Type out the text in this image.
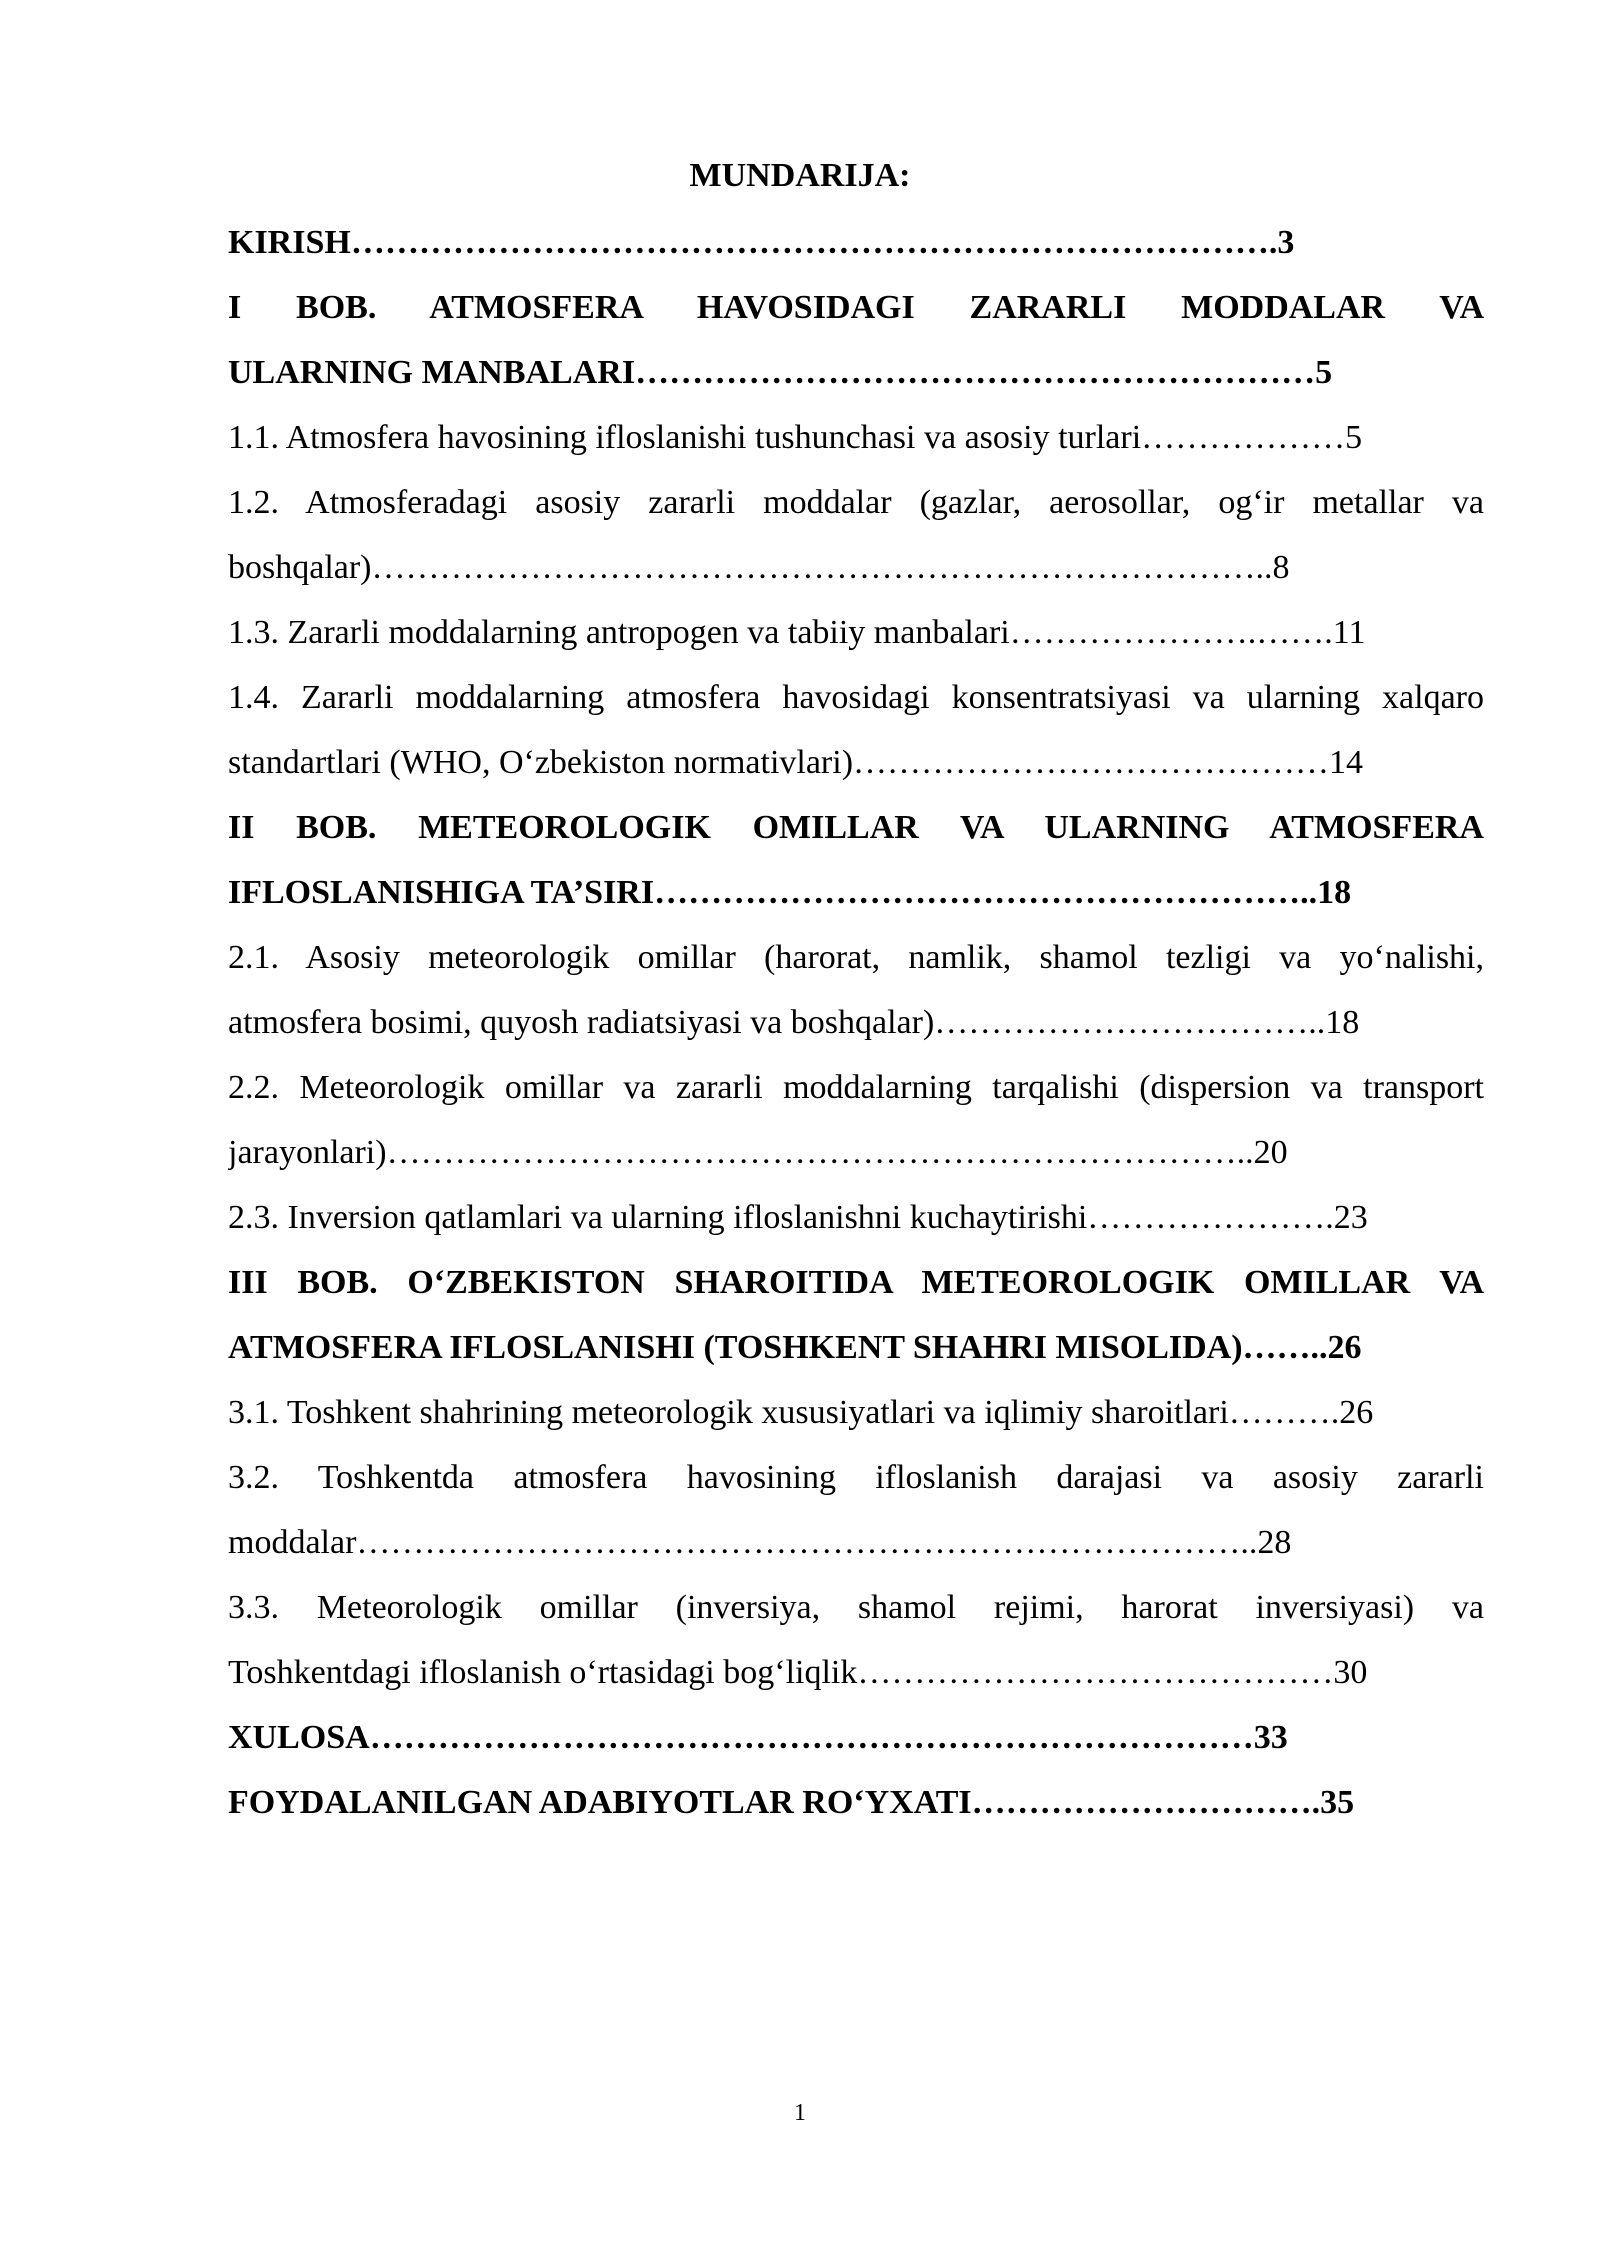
MUNDARIJA:
KIRISH……………………………………………………………………….3
I BOB. ATMOSFERA HAVOSIDAGI ZARARLI MODDALAR VA
ULARNING MANBALARI……………………………………………………5
1.1. Atmosfera havosining ifloslanishi tushunchasi va asosiy turlari………………5
1.2. Atmosferadagi asosiy zararli moddalar (gazlar, aerosollar, og‘ir metallar va
boshqalar)……………………………………………………………………..8
1.3. Zararli moddalarning antropogen va tabiiy manbalari………………….…….11
1.4. Zararli moddalarning atmosfera havosidagi konsentratsiyasi va ularning xalqaro
standartlari (WHO, O‘zbekiston normativlari)……………………………………14
II BOB. METEOROLOGIK OMILLAR VA ULARNING ATMOSFERA
IFLOSLANISHIGA TA’SIRI…………………………………………………..18
2.1. Asosiy meteorologik omillar (harorat, namlik, shamol tezligi va yo‘nalishi,
atmosfera bosimi, quyosh radiatsiyasi va boshqalar)……………………………..18
2.2. Meteorologik omillar va zararli moddalarning tarqalishi (dispersion va transport
jarayonlari)…………………………………………………………………..20
2.3. Inversion qatlamlari va ularning ifloslanishni kuchaytirishi………………….23
III BOB. O‘ZBEKISTON SHAROITIDA METEOROLOGIK OMILLAR VA
ATMOSFERA IFLOSLANISHI (TOSHKENT SHAHRI MISOLIDA)……..26
3.1. Toshkent shahrining meteorologik xususiyatlari va iqlimiy sharoitlari……….26
3.2. Toshkentda atmosfera havosining ifloslanish darajasi va asosiy zararli
moddalar……………………………………………………………………..28
3.3. Meteorologik omillar (inversiya, shamol rejimi, harorat inversiyasi) va
Toshkentdagi ifloslanish o‘rtasidagi bog‘liqlik……………………………………30
XULOSA……………………………………………………………………33
FOYDALANILGAN ADABIYOTLAR RO‘YXATI………………………….35
1
